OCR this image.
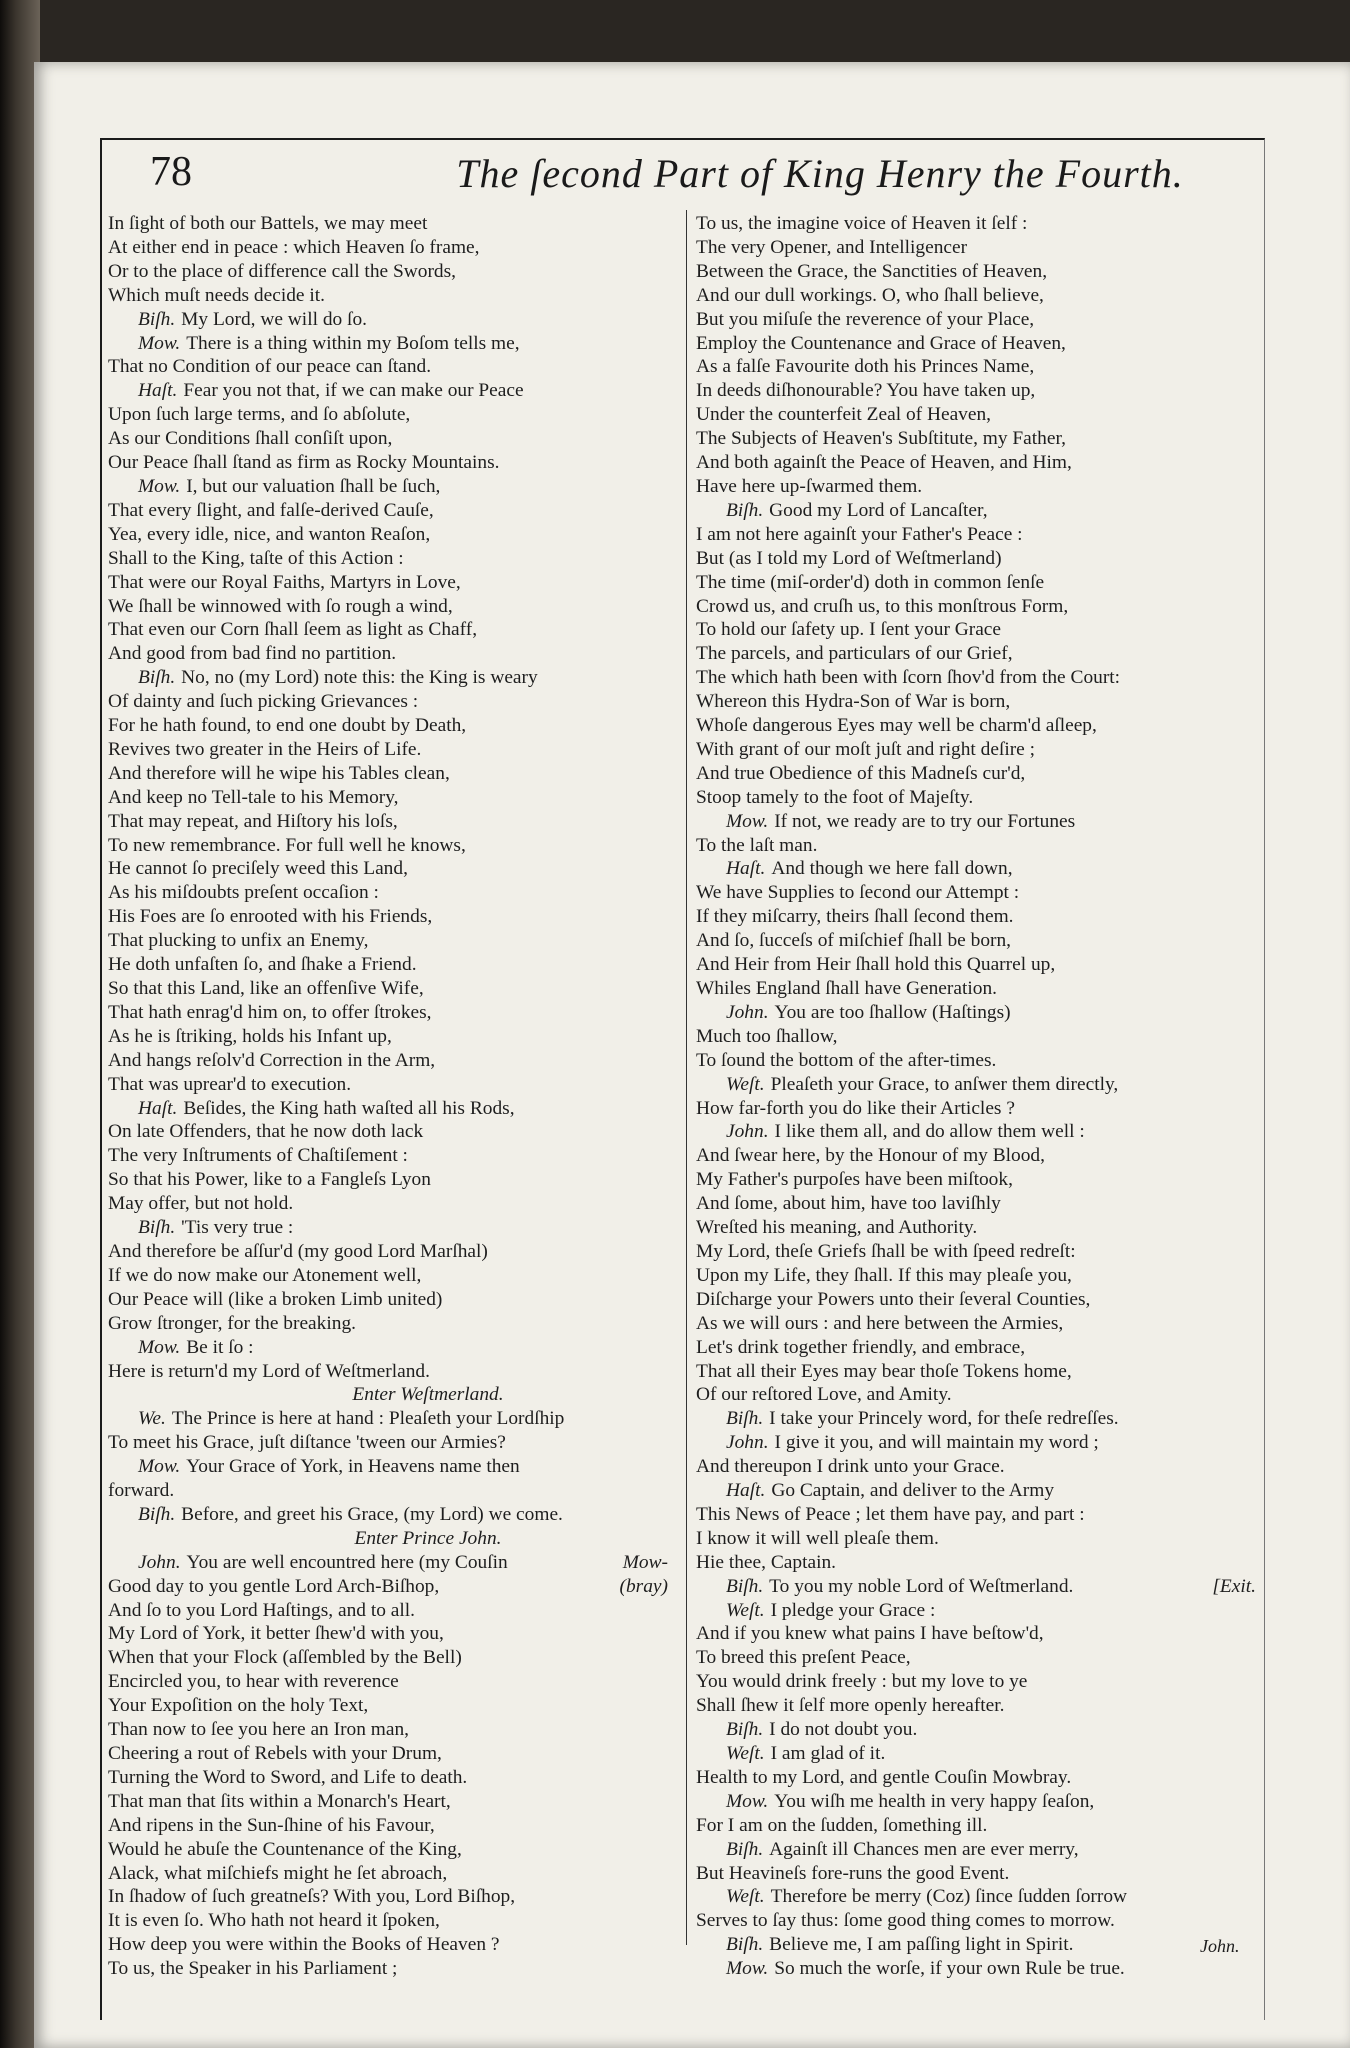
78	The ſecond Part of King Henry the Fourth.
In ſight of both our Battels, we may meet
At either end in peace : which Heaven ſo frame,
Or to the place of difference call the Swords,
Which muſt needs decide it.
Biſh. My Lord, we will do ſo.
Mow. There is a thing within my Boſom tells me,
That no Condition of our peace can ſtand.
Haſt. Fear you not that, if we can make our Peace
Upon ſuch large terms, and ſo abſolute,
As our Conditions ſhall conſiſt upon,
Our Peace ſhall ſtand as firm as Rocky Mountains.
Mow. I, but our valuation ſhall be ſuch,
That every ſlight, and falſe-derived Cauſe,
Yea, every idle, nice, and wanton Reaſon,
Shall to the King, taſte of this Action :
That were our Royal Faiths, Martyrs in Love,
We ſhall be winnowed with ſo rough a wind,
That even our Corn ſhall ſeem as light as Chaff,
And good from bad find no partition.
Biſh. No, no (my Lord) note this: the King is weary
Of dainty and ſuch picking Grievances :
For he hath found, to end one doubt by Death,
Revives two greater in the Heirs of Life.
And therefore will he wipe his Tables clean,
And keep no Tell-tale to his Memory,
That may repeat, and Hiſtory his loſs,
To new remembrance. For full well he knows,
He cannot ſo preciſely weed this Land,
As his miſdoubts preſent occaſion :
His Foes are ſo enrooted with his Friends,
That plucking to unfix an Enemy,
He doth unfaſten ſo, and ſhake a Friend.
So that this Land, like an offenſive Wife,
That hath enrag'd him on, to offer ſtrokes,
As he is ſtriking, holds his Infant up,
And hangs reſolv'd Correction in the Arm,
That was uprear'd to execution.
Haſt. Beſides, the King hath waſted all his Rods,
On late Offenders, that he now doth lack
The very Inſtruments of Chaſtiſement :
So that his Power, like to a Fangleſs Lyon
May offer, but not hold.
Biſh. 'Tis very true :
And therefore be aſſur'd (my good Lord Marſhal)
If we do now make our Atonement well,
Our Peace will (like a broken Limb united)
Grow ſtronger, for the breaking.
Mow. Be it ſo :
Here is return'd my Lord of Weſtmerland.
Enter Weſtmerland.
We. The Prince is here at hand : Pleaſeth your Lordſhip
To meet his Grace, juſt diſtance 'tween our Armies?
Mow. Your Grace of York, in Heavens name then
forward.
Biſh. Before, and greet his Grace, (my Lord) we come.
Enter Prince John.
John. You are well encountred here (my Couſin	Mow-
Good day to you gentle Lord Arch-Biſhop,	(bray)
And ſo to you Lord Haſtings, and to all.
My Lord of York, it better ſhew'd with you,
When that your Flock (aſſembled by the Bell)
Encircled you, to hear with reverence
Your Expoſition on the holy Text,
Than now to ſee you here an Iron man,
Cheering a rout of Rebels with your Drum,
Turning the Word to Sword, and Life to death.
That man that ſits within a Monarch's Heart,
And ripens in the Sun-ſhine of his Favour,
Would he abuſe the Countenance of the King,
Alack, what miſchiefs might he ſet abroach,
In ſhadow of ſuch greatneſs? With you, Lord Biſhop,
It is even ſo. Who hath not heard it ſpoken,
How deep you were within the Books of Heaven ?
To us, the Speaker in his Parliament ;
To us, the imagine voice of Heaven it ſelf :
The very Opener, and Intelligencer
Between the Grace, the Sanctities of Heaven,
And our dull workings. O, who ſhall believe,
But you miſuſe the reverence of your Place,
Employ the Countenance and Grace of Heaven,
As a falſe Favourite doth his Princes Name,
In deeds diſhonourable? You have taken up,
Under the counterfeit Zeal of Heaven,
The Subjects of Heaven's Subſtitute, my Father,
And both againſt the Peace of Heaven, and Him,
Have here up-ſwarmed them.
Biſh. Good my Lord of Lancaſter,
I am not here againſt your Father's Peace :
But (as I told my Lord of Weſtmerland)
The time (miſ-order'd) doth in common ſenſe
Crowd us, and cruſh us, to this monſtrous Form,
To hold our ſafety up. I ſent your Grace
The parcels, and particulars of our Grief,
The which hath been with ſcorn ſhov'd from the Court:
Whereon this Hydra-Son of War is born,
Whoſe dangerous Eyes may well be charm'd aſleep,
With grant of our moſt juſt and right deſire ;
And true Obedience of this Madneſs cur'd,
Stoop tamely to the foot of Majeſty.
Mow. If not, we ready are to try our Fortunes
To the laſt man.
Haſt. And though we here fall down,
We have Supplies to ſecond our Attempt :
If they miſcarry, theirs ſhall ſecond them.
And ſo, ſucceſs of miſchief ſhall be born,
And Heir from Heir ſhall hold this Quarrel up,
Whiles England ſhall have Generation.
John. You are too ſhallow (Haſtings)
Much too ſhallow,
To ſound the bottom of the after-times.
Weſt. Pleaſeth your Grace, to anſwer them directly,
How far-forth you do like their Articles ?
John. I like them all, and do allow them well :
And ſwear here, by the Honour of my Blood,
My Father's purpoſes have been miſtook,
And ſome, about him, have too laviſhly
Wreſted his meaning, and Authority.
My Lord, theſe Griefs ſhall be with ſpeed redreſt:
Upon my Life, they ſhall. If this may pleaſe you,
Diſcharge your Powers unto their ſeveral Counties,
As we will ours : and here between the Armies,
Let's drink together friendly, and embrace,
That all their Eyes may bear thoſe Tokens home,
Of our reſtored Love, and Amity.
Biſh. I take your Princely word, for theſe redreſſes.
John. I give it you, and will maintain my word ;
And thereupon I drink unto your Grace.
Haſt. Go Captain, and deliver to the Army
This News of Peace ; let them have pay, and part :
I know it will well pleaſe them.
Hie thee, Captain.
Biſh. To you my noble Lord of Weſtmerland.	[Exit.
Weſt. I pledge your Grace :
And if you knew what pains I have beſtow'd,
To breed this preſent Peace,
You would drink freely : but my love to ye
Shall ſhew it ſelf more openly hereafter.
Biſh. I do not doubt you.
Weſt. I am glad of it.
Health to my Lord, and gentle Couſin Mowbray.
Mow. You wiſh me health in very happy ſeaſon,
For I am on the ſudden, ſomething ill.
Biſh. Againſt ill Chances men are ever merry,
But Heavineſs fore-runs the good Event.
Weſt. Therefore be merry (Coz) ſince ſudden ſorrow
Serves to ſay thus: ſome good thing comes to morrow.
Biſh. Believe me, I am paſſing light in Spirit.
Mow. So much the worſe, if your own Rule be true.
John.
